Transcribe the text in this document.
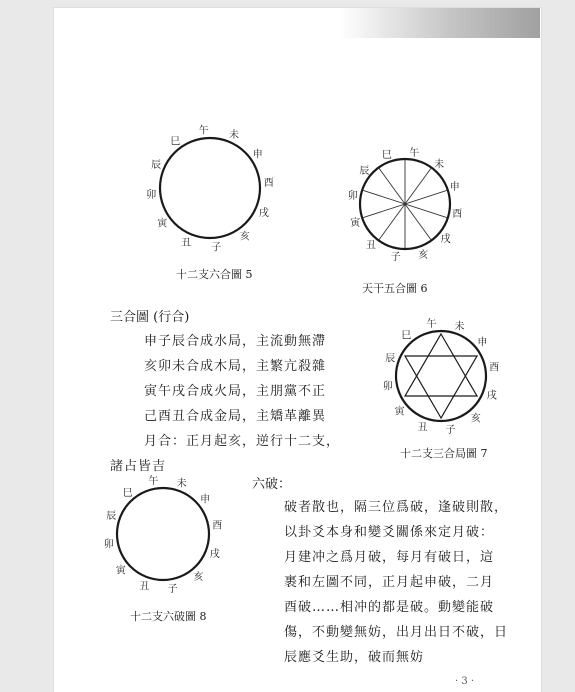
午 未
申
酉
戌
亥
子
丑
寅
卯
辰
巳
十二支六合圖 5
巳 午
未
申
酉
戌
亥
子
丑
寅
卯
辰
天干五合圖 6
三合圖 (行合)
申子辰合成水局，主流動無滯
亥卯未合成木局，主繁亢殺雜
寅午戌合成火局，主朋黨不正
己酉丑合成金局，主矯革離異
月合：正月起亥，逆行十二支，
諸占皆吉
午 未
申
酉
戌
亥
子
丑
寅
卯
辰
巳
十二支三合局圖 7
六破：
破者散也，隔三位爲破，逢破則散，
以卦爻本身和變爻關係來定月破：
月建冲之爲月破，每月有破日，這
裹和左圖不同，正月起申破，二月
酉破……相冲的都是破。動變能破
傷，不動變無妨，出月出日不破，日
辰應爻生助，破而無妨
午 未
申
酉
戌
亥
子
丑
寅
卯
辰
巳
十二支六破圖 8
· 3 ·
